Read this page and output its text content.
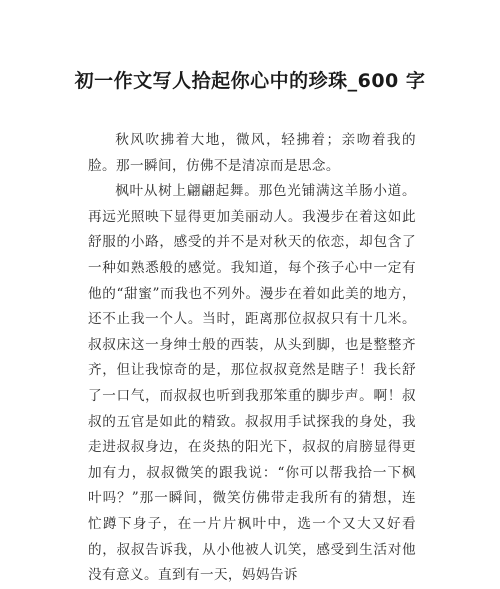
初一作文写人拾起你心中的珍珠_600 字

秋风吹拂着大地，微风，轻拂着；亲吻着我的脸。那一瞬间，仿佛不是清凉而是思念。

枫叶从树上翩翩起舞。那色光铺满这羊肠小道。再远光照映下显得更加美丽动人。我漫步在着这如此舒服的小路，感受的并不是对秋天的依恋，却包含了一种如熟悉般的感觉。我知道，每个孩子心中一定有他的“甜蜜”而我也不列外。漫步在着如此美的地方，还不止我一个人。当时，距离那位叔叔只有十几米。叔叔床这一身绅士般的西装，从头到脚，也是整整齐齐，但让我惊奇的是，那位叔叔竟然是瞎子！我长舒了一口气，而叔叔也听到我那笨重的脚步声。啊！叔叔的五官是如此的精致。叔叔用手试探我的身处，我走进叔叔身边，在炎热的阳光下，叔叔的肩膀显得更加有力，叔叔微笑的跟我说：“你可以帮我拾一下枫叶吗？”那一瞬间，微笑仿佛带走我所有的猜想，连忙蹲下身子，在一片片枫叶中，选一个又大又好看的，叔叔告诉我，从小他被人讥笑，感受到生活对他没有意义。直到有一天，妈妈告诉
